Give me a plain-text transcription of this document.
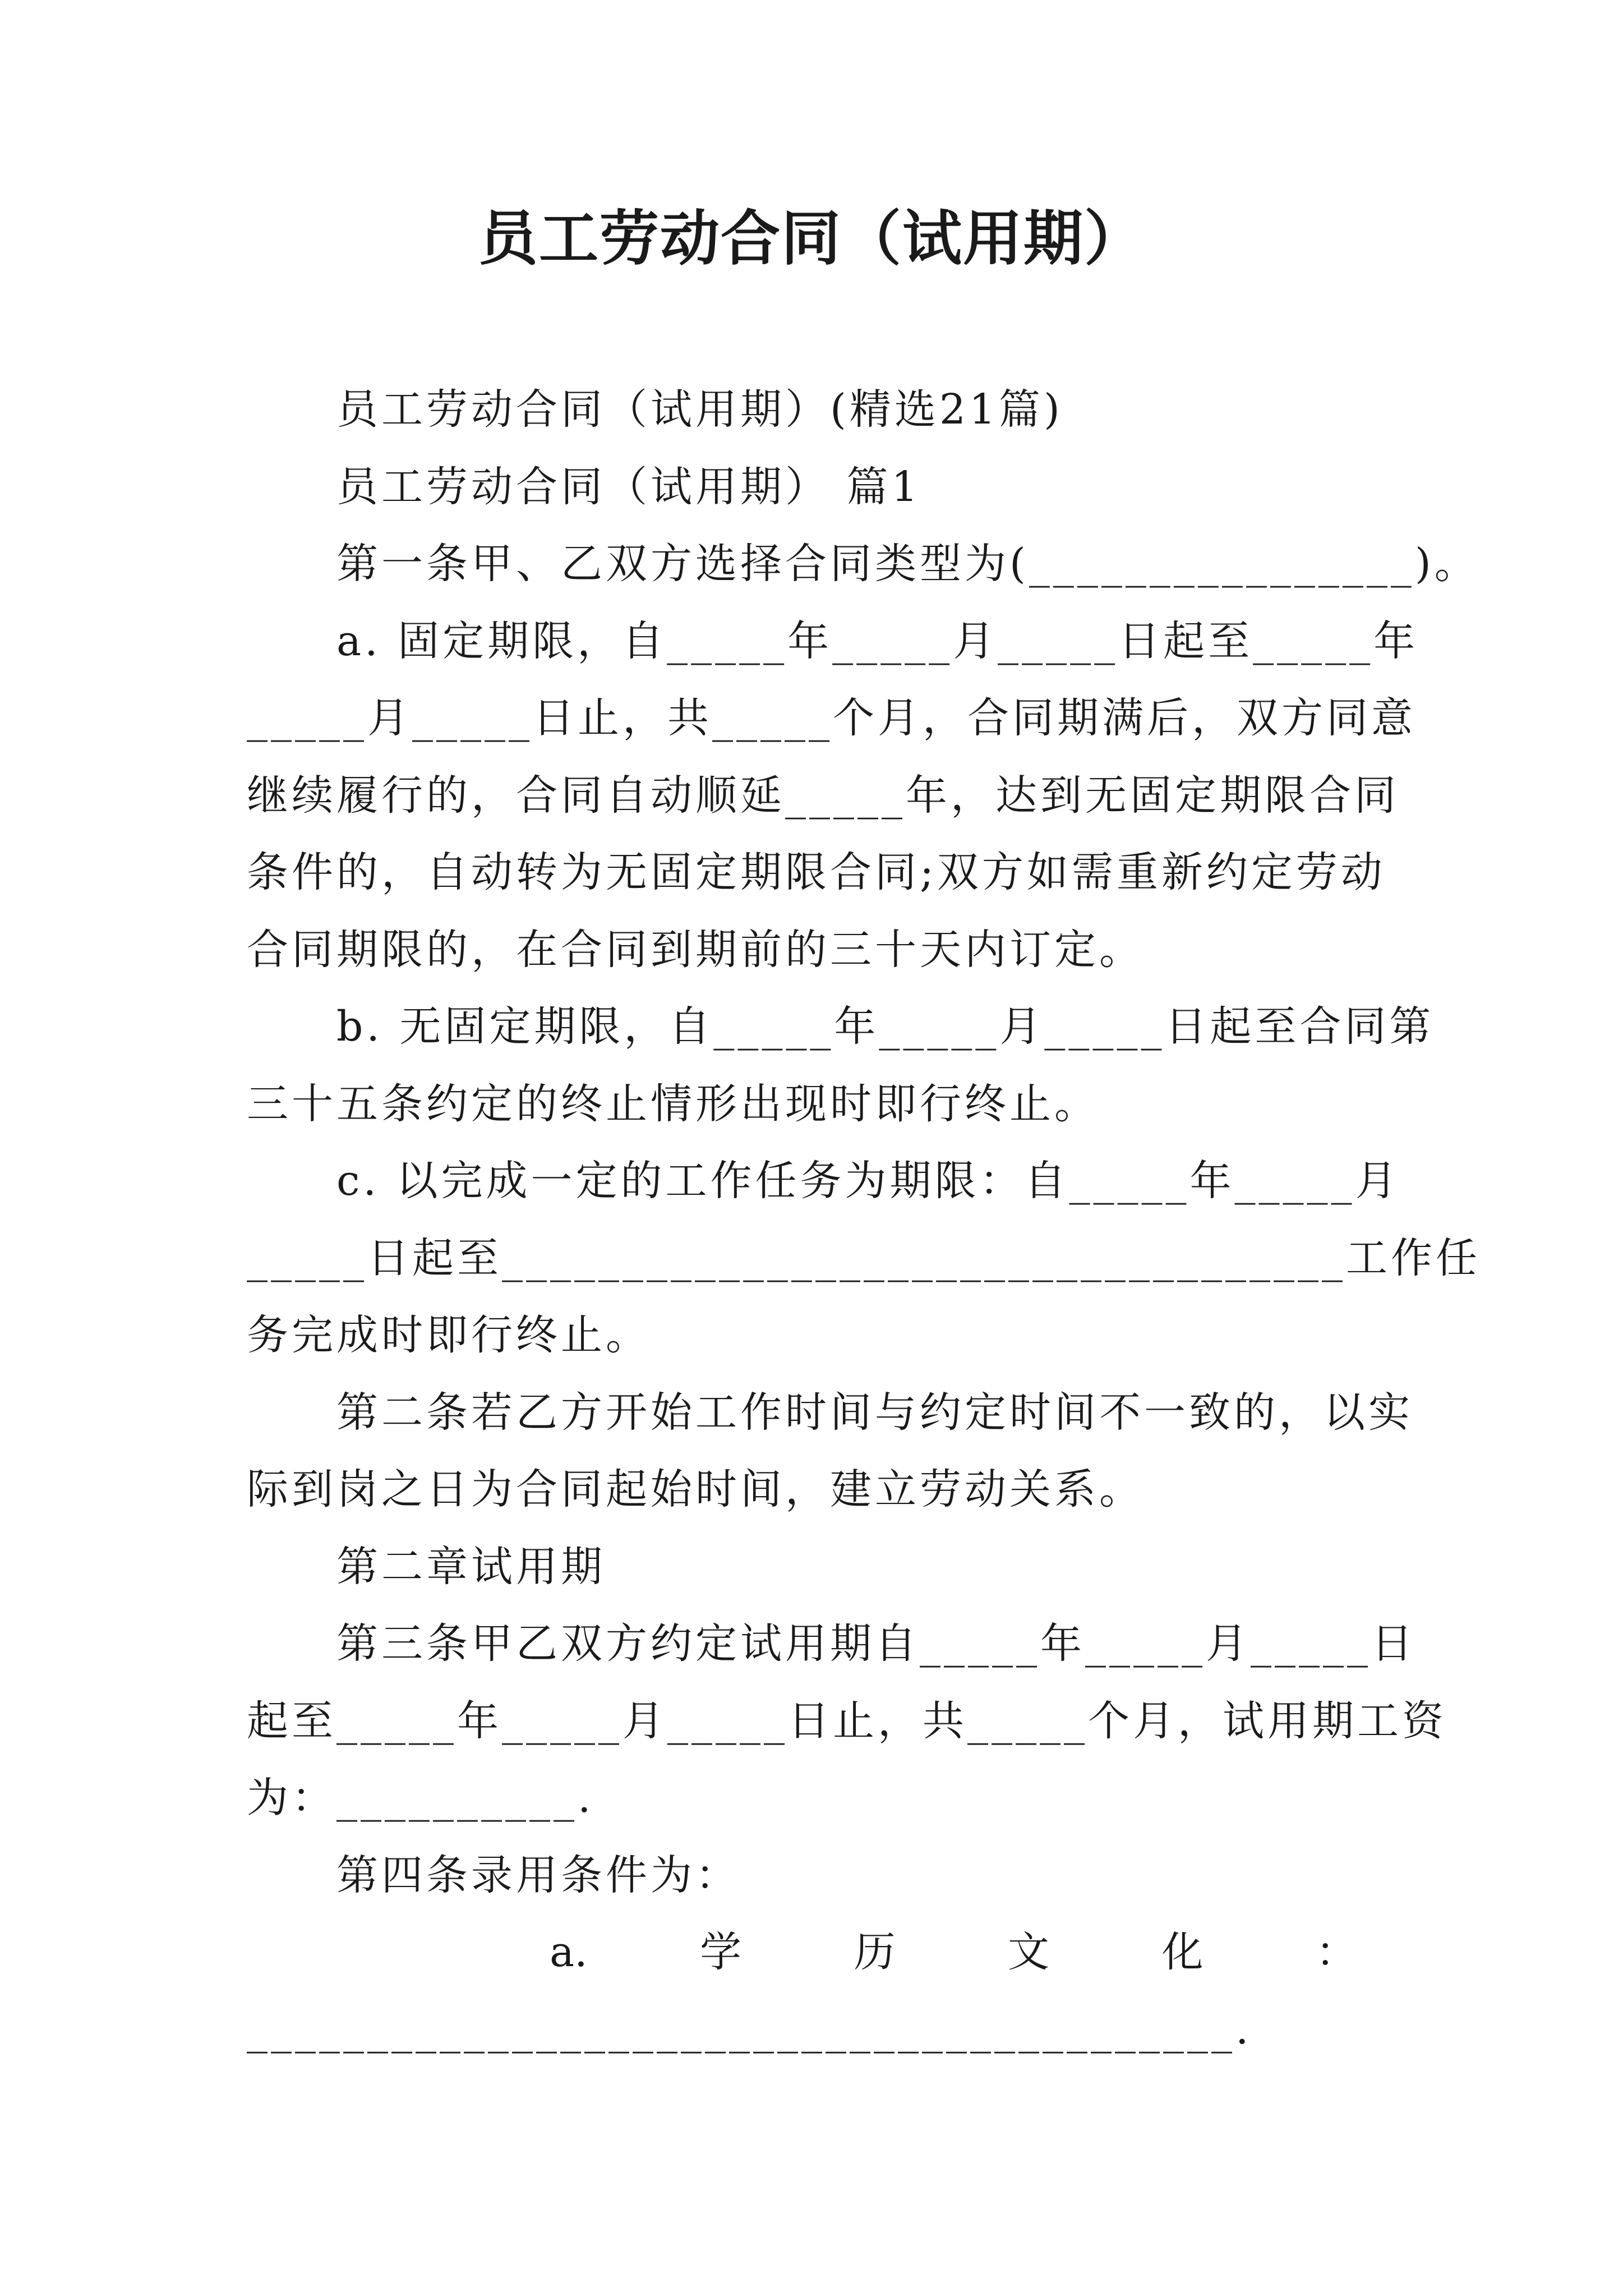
员工劳动合同（试用期）
员工劳动合同（试用期）(精选21篇)
员工劳动合同（试用期） 篇1
第一条甲、乙双方选择合同类型为(________________)。
a. 固定期限，自_____年_____月_____日起至_____年
_____月_____日止，共_____个月，合同期满后，双方同意
继续履行的，合同自动顺延_____年，达到无固定期限合同
条件的，自动转为无固定期限合同;双方如需重新约定劳动
合同期限的，在合同到期前的三十天内订定。
b. 无固定期限，自_____年_____月_____日起至合同第
三十五条约定的终止情形出现时即行终止。
c. 以完成一定的工作任务为期限：自_____年_____月
_____日起至___________________________________工作任
务完成时即行终止。
第二条若乙方开始工作时间与约定时间不一致的，以实
际到岗之日为合同起始时间，建立劳动关系。
第二章试用期
第三条甲乙双方约定试用期自_____年_____月_____日
起至_____年_____月_____日止，共_____个月，试用期工资
为：__________.
第四条录用条件为：
a.	学	历	文	化	：
_________________________________________.
